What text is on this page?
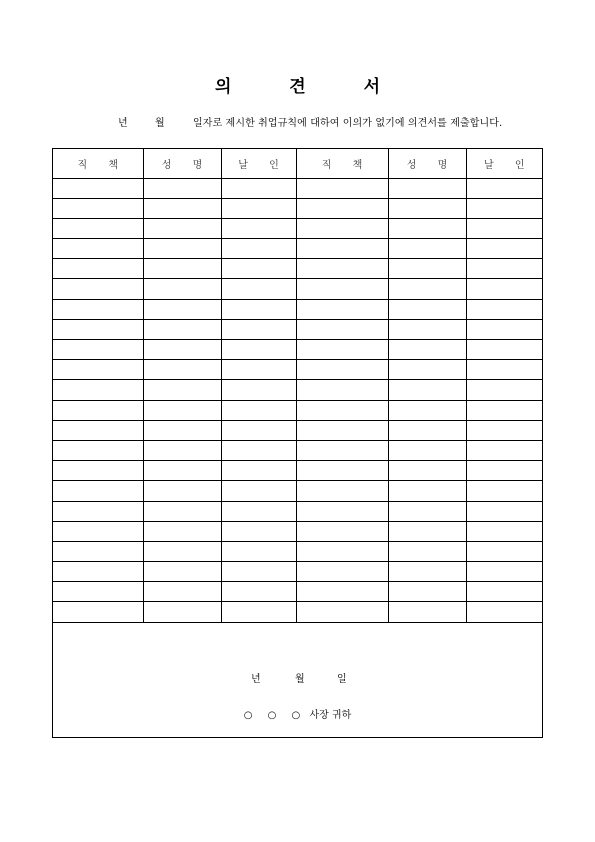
의 견 서
년	월	일자로 제시한 취업규칙에 대하여 이의가 없기에 의견서를 제출합니다.
직 책	성 명	날 인	직 책	성 명	날 인

년	월	일
○ ○ ○ 사장 귀하
